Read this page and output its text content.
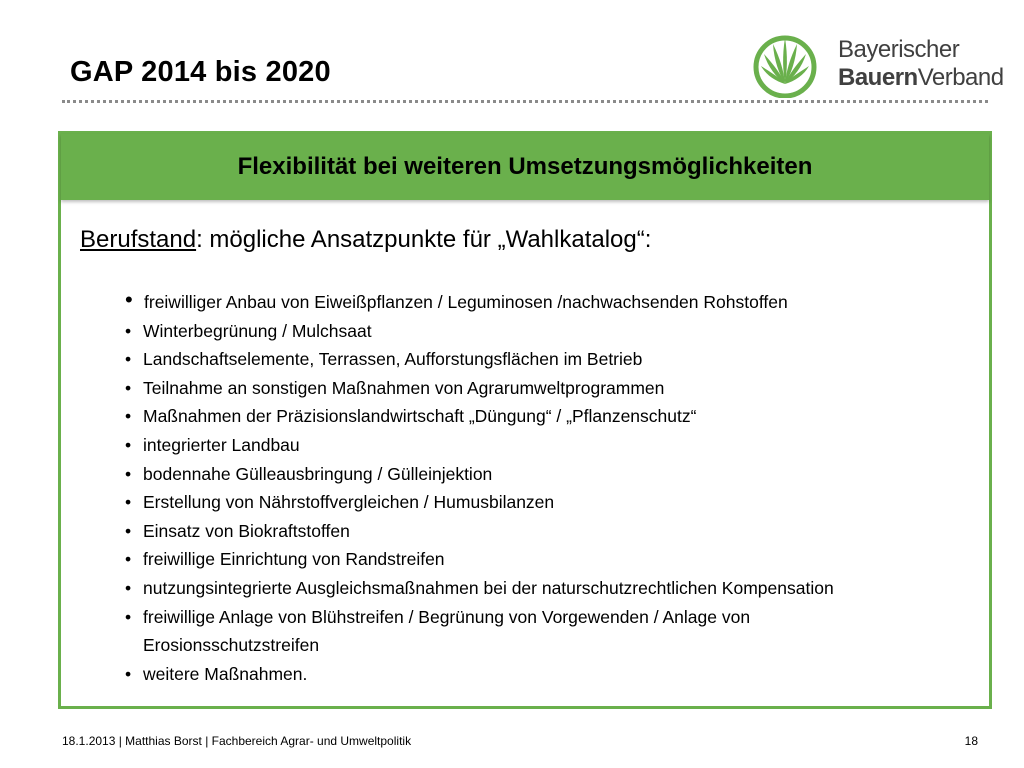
GAP 2014 bis 2020
Bayerischer
BauernVerband
Flexibilität bei weiteren Umsetzungsmöglichkeiten
Berufstand: mögliche Ansatzpunkte für „Wahlkatalog“:
• freiwilliger Anbau von Eiweißpflanzen / Leguminosen /nachwachsenden Rohstoffen
• Winterbegrünung / Mulchsaat
• Landschaftselemente, Terrassen, Aufforstungsflächen im Betrieb
• Teilnahme an sonstigen Maßnahmen von Agrarumweltprogrammen
• Maßnahmen der Präzisionslandwirtschaft „Düngung“ / „Pflanzenschutz“
• integrierter Landbau
• bodennahe Gülleausbringung / Gülleinjektion
• Erstellung von Nährstoffvergleichen / Humusbilanzen
• Einsatz von Biokraftstoffen
• freiwillige Einrichtung von Randstreifen
• nutzungsintegrierte Ausgleichsmaßnahmen bei der naturschutzrechtlichen Kompensation
• freiwillige Anlage von Blühstreifen / Begrünung von Vorgewenden / Anlage von Erosionsschutzstreifen
• weitere Maßnahmen.
18.1.2013 | Matthias Borst | Fachbereich Agrar- und Umweltpolitik	18
